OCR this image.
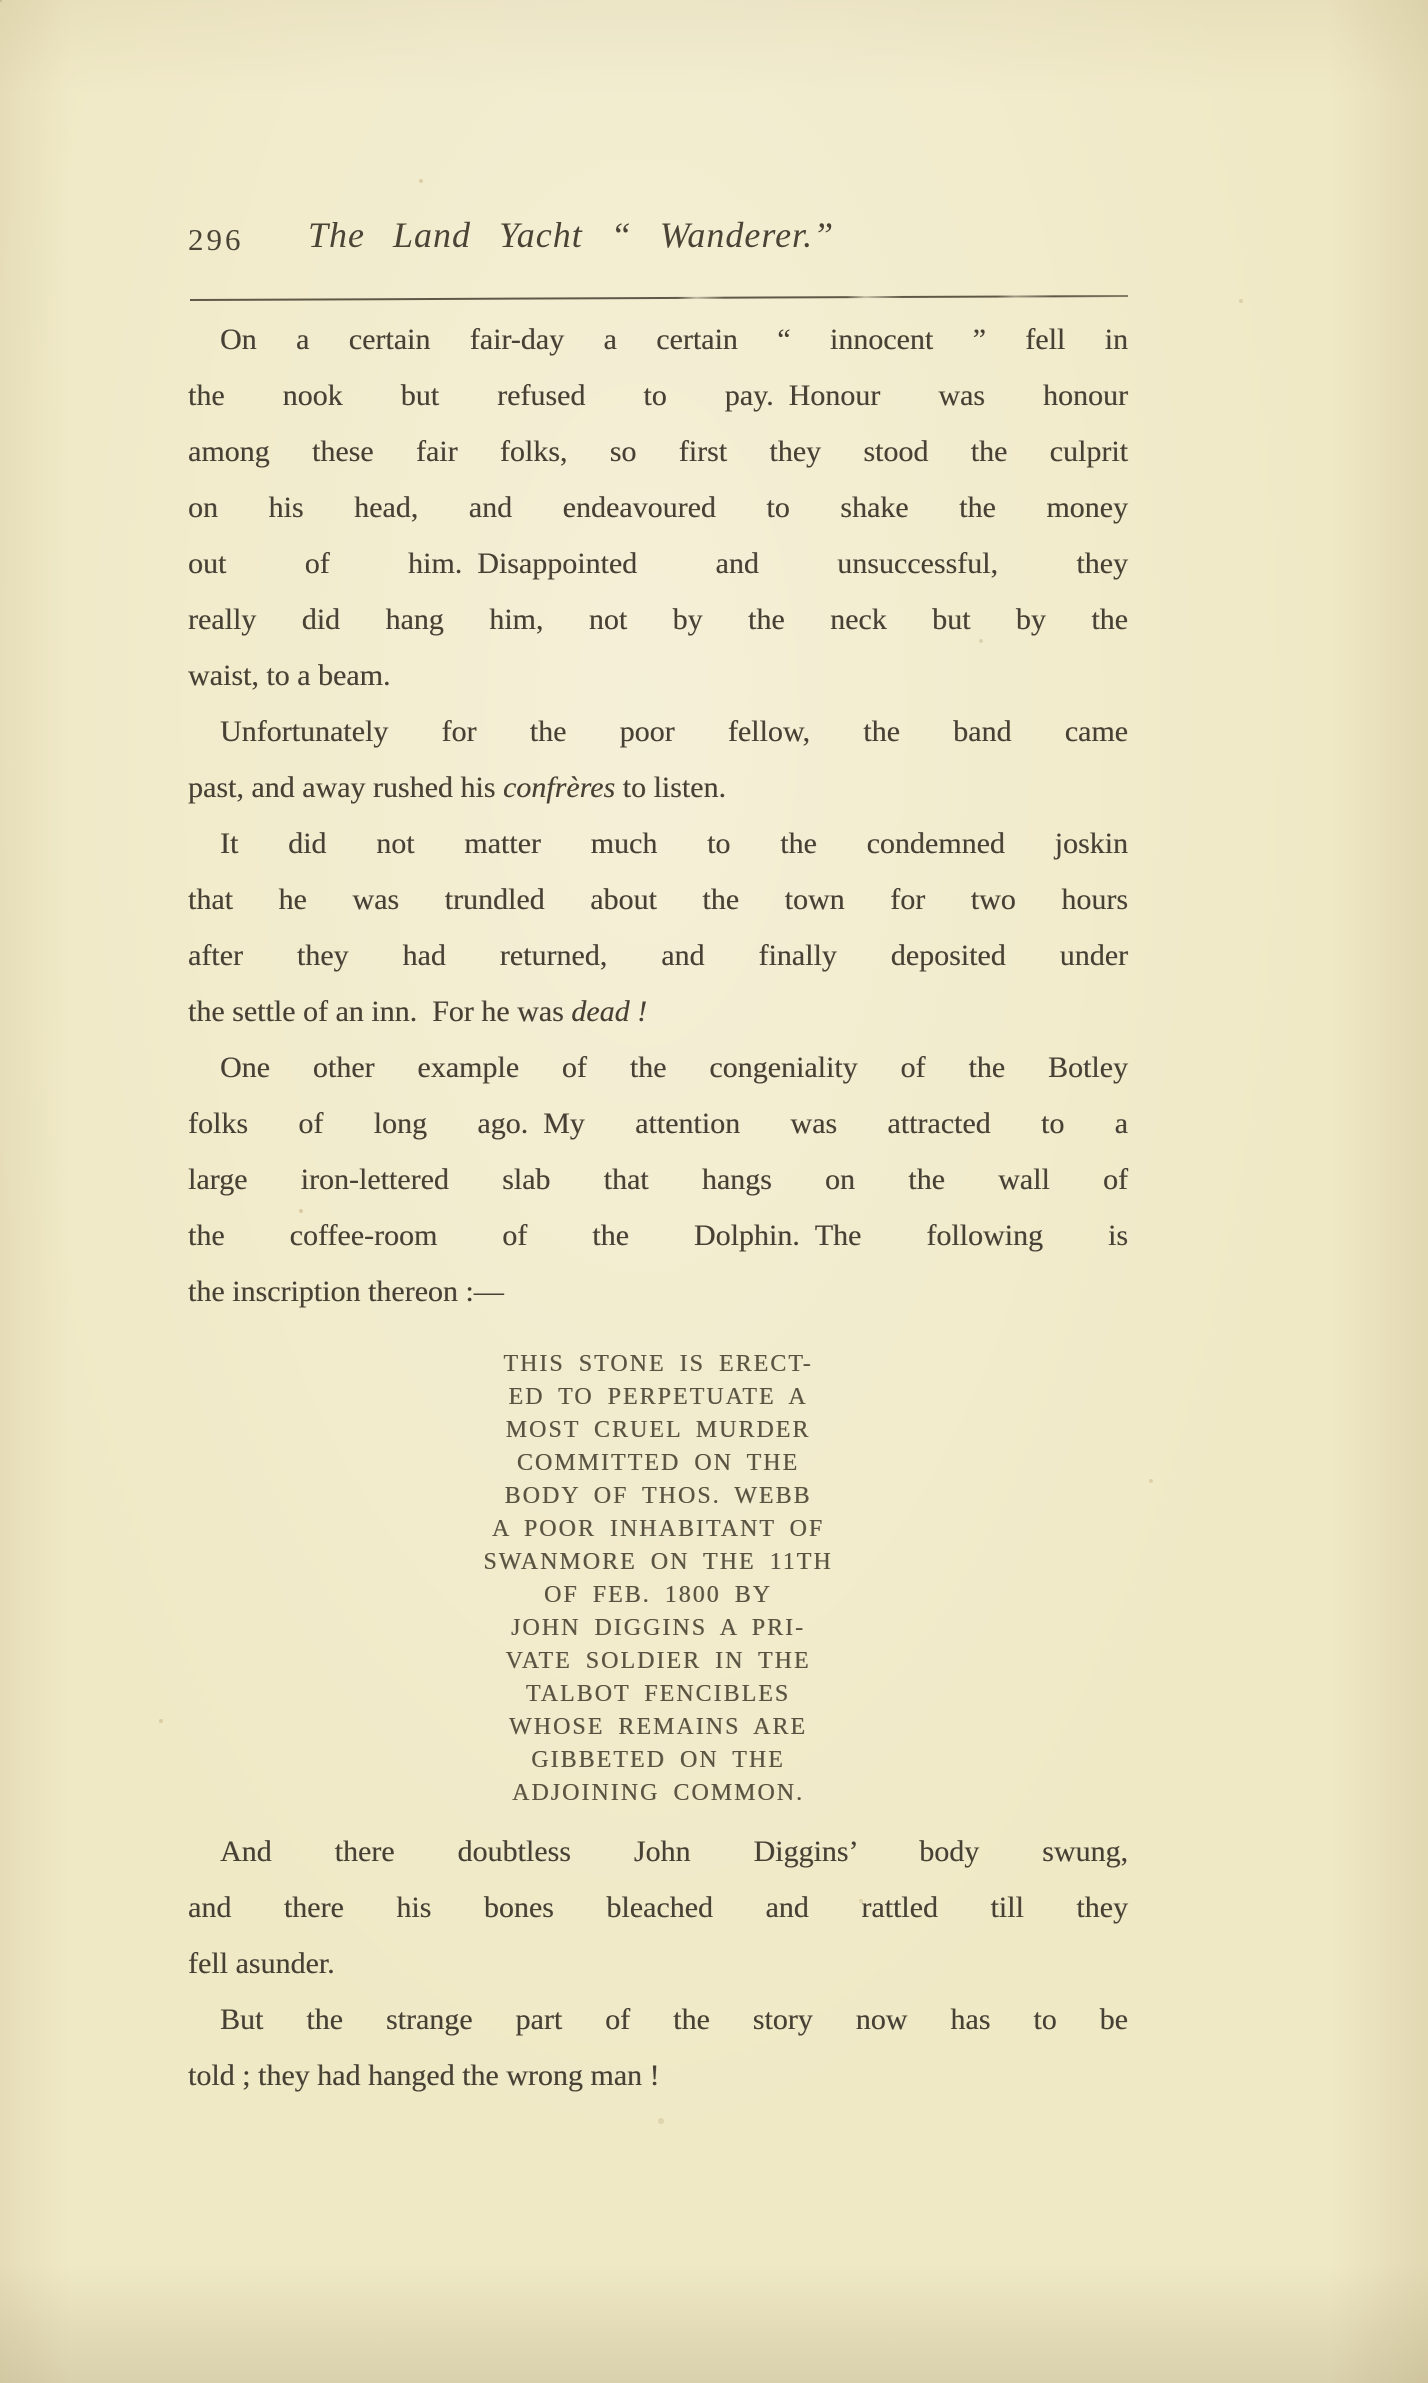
296 The Land Yacht “ Wanderer.”
On a certain fair-day a certain “ innocent ” fell in
the nook but refused to pay. Honour was honour
among these fair folks, so first they stood the culprit
on his head, and endeavoured to shake the money
out of him. Disappointed and unsuccessful, they
really did hang him, not by the neck but by the
waist, to a beam.
Unfortunately for the poor fellow, the band came
past, and away rushed his confrères to listen.
It did not matter much to the condemned joskin
that he was trundled about the town for two hours
after they had returned, and finally deposited under
the settle of an inn. For he was dead !
One other example of the congeniality of the Botley
folks of long ago. My attention was attracted to a
large iron-lettered slab that hangs on the wall of
the coffee-room of the Dolphin. The following is
the inscription thereon :—
THIS STONE IS ERECT-
ED TO PERPETUATE A
MOST CRUEL MURDER
COMMITTED ON THE
BODY OF THOS. WEBB
A POOR INHABITANT OF
SWANMORE ON THE 11TH
OF FEB. 1800 BY
JOHN DIGGINS A PRI-
VATE SOLDIER IN THE
TALBOT FENCIBLES
WHOSE REMAINS ARE
GIBBETED ON THE
ADJOINING COMMON.
And there doubtless John Diggins’ body swung,
and there his bones bleached and rattled till they
fell asunder.
But the strange part of the story now has to be
told ; they had hanged the wrong man !
